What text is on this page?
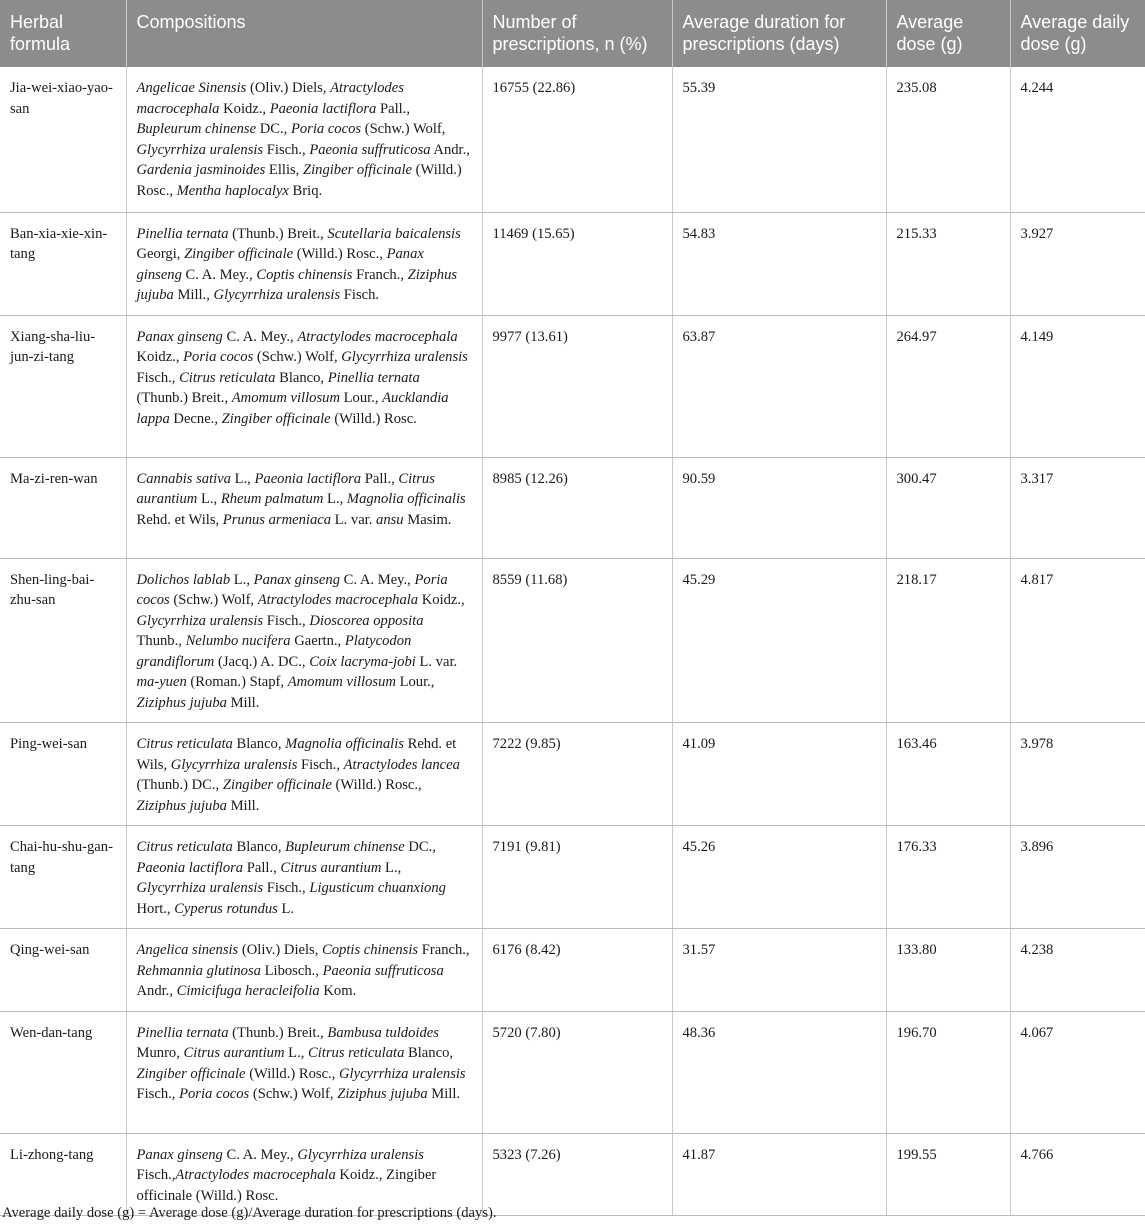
Herbal formula	Compositions	Number of prescriptions, n (%)	Average duration for prescriptions (days)	Average dose (g)	Average daily dose (g)
Jia-wei-xiao-yao-san	Angelicae Sinensis (Oliv.) Diels, Atractylodes macrocephala Koidz., Paeonia lactiflora Pall., Bupleurum chinense DC., Poria cocos (Schw.) Wolf, Glycyrrhiza uralensis Fisch., Paeonia suffruticosa Andr., Gardenia jasminoides Ellis, Zingiber officinale (Willd.) Rosc., Mentha haplocalyx Briq.	16755 (22.86)	55.39	235.08	4.244
Ban-xia-xie-xin-tang	Pinellia ternata (Thunb.) Breit., Scutellaria baicalensis Georgi, Zingiber officinale (Willd.) Rosc., Panax ginseng C. A. Mey., Coptis chinensis Franch., Ziziphus jujuba Mill., Glycyrrhiza uralensis Fisch.	11469 (15.65)	54.83	215.33	3.927
Xiang-sha-liu-jun-zi-tang	Panax ginseng C. A. Mey., Atractylodes macrocephala Koidz., Poria cocos (Schw.) Wolf, Glycyrrhiza uralensis Fisch., Citrus reticulata Blanco, Pinellia ternata (Thunb.) Breit., Amomum villosum Lour., Aucklandia lappa Decne., Zingiber officinale (Willd.) Rosc.	9977 (13.61)	63.87	264.97	4.149
Ma-zi-ren-wan	Cannabis sativa L., Paeonia lactiflora Pall., Citrus aurantium L., Rheum palmatum L., Magnolia officinalis Rehd. et Wils, Prunus armeniaca L. var. ansu Masim.	8985 (12.26)	90.59	300.47	3.317
Shen-ling-bai-zhu-san	Dolichos lablab L., Panax ginseng C. A. Mey., Poria cocos (Schw.) Wolf, Atractylodes macrocephala Koidz., Glycyrrhiza uralensis Fisch., Dioscorea opposita Thunb., Nelumbo nucifera Gaertn., Platycodon grandiflorum (Jacq.) A. DC., Coix lacryma-jobi L. var. ma-yuen (Roman.) Stapf, Amomum villosum Lour., Ziziphus jujuba Mill.	8559 (11.68)	45.29	218.17	4.817
Ping-wei-san	Citrus reticulata Blanco, Magnolia officinalis Rehd. et Wils, Glycyrrhiza uralensis Fisch., Atractylodes lancea (Thunb.) DC., Zingiber officinale (Willd.) Rosc., Ziziphus jujuba Mill.	7222 (9.85)	41.09	163.46	3.978
Chai-hu-shu-gan-tang	Citrus reticulata Blanco, Bupleurum chinense DC., Paeonia lactiflora Pall., Citrus aurantium L., Glycyrrhiza uralensis Fisch., Ligusticum chuanxiong Hort., Cyperus rotundus L.	7191 (9.81)	45.26	176.33	3.896
Qing-wei-san	Angelica sinensis (Oliv.) Diels, Coptis chinensis Franch., Rehmannia glutinosa Libosch., Paeonia suffruticosa Andr., Cimicifuga heracleifolia Kom.	6176 (8.42)	31.57	133.80	4.238
Wen-dan-tang	Pinellia ternata (Thunb.) Breit., Bambusa tuldoides Munro, Citrus aurantium L., Citrus reticulata Blanco, Zingiber officinale (Willd.) Rosc., Glycyrrhiza uralensis Fisch., Poria cocos (Schw.) Wolf, Ziziphus jujuba Mill.	5720 (7.80)	48.36	196.70	4.067
Li-zhong-tang	Panax ginseng C. A. Mey., Glycyrrhiza uralensis Fisch.,Atractylodes macrocephala Koidz., Zingiber officinale (Willd.) Rosc.	5323 (7.26)	41.87	199.55	4.766
Average daily dose (g) = Average dose (g)/Average duration for prescriptions (days).
